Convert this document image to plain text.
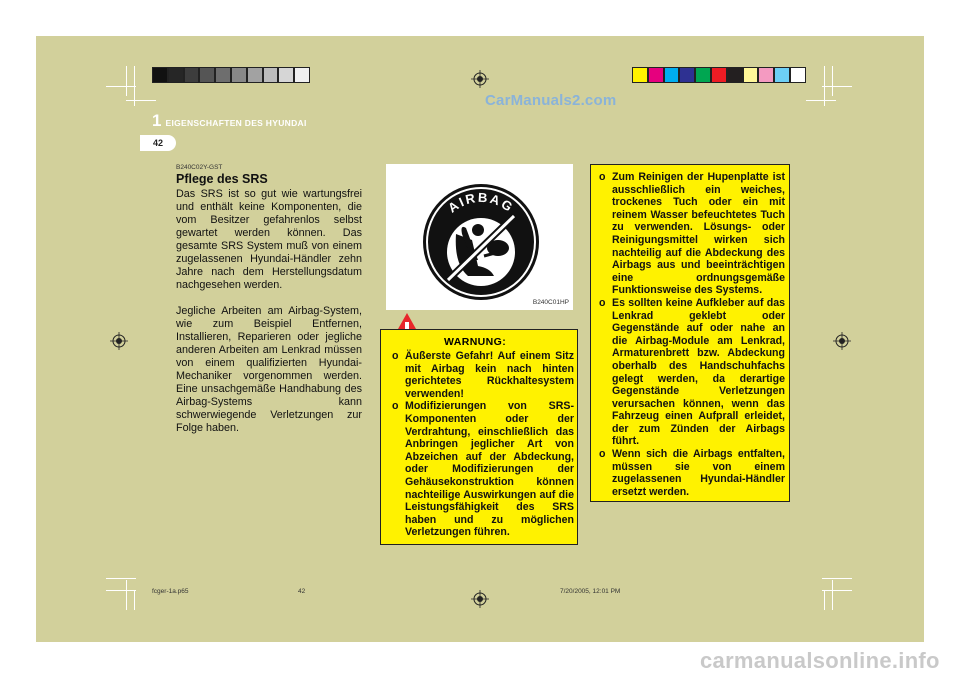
CarManuals2.com
1 EIGENSCHAFTEN DES HYUNDAI
42
B240C02Y-GST
Pflege des SRS

Das SRS ist so gut wie wartungsfrei und enthält keine Komponenten, die vom Besitzer gefahrenlos selbst gewartet werden können. Das gesamte SRS System muß von einem zugelassenen Hyundai-Händler zehn Jahre nach dem Herstellungsdatum nachgesehen werden.

Jegliche Arbeiten am Airbag-System, wie zum Beispiel Entfernen, Installieren, Reparieren oder jegliche anderen Arbeiten am Lenkrad müssen von einem qualifizierten Hyundai-Mechaniker vorgenommen werden. Eine unsachgemäße Handhabung des Airbag-Systems kann schwerwiegende Verletzungen zur Folge haben.

AIRBAG
B240C01HP
WARNUNG:
o Äußerste Gefahr! Auf einem Sitz mit Airbag kein nach hinten gerichtetes Rückhaltesystem verwenden!
o Modifizierungen von SRS-Komponenten oder der Verdrahtung, einschließlich das Anbringen jeglicher Art von Abzeichen auf der Abdeckung, oder Modifizierungen der Gehäusekonstruktion können nachteilige Auswirkungen auf die Leistungsfähigkeit des SRS haben und zu möglichen Verletzungen führen.
o Zum Reinigen der Hupenplatte ist ausschließlich ein weiches, trockenes Tuch oder ein mit reinem Wasser befeuchtetes Tuch zu verwenden. Lösungs- oder Reinigungsmittel wirken sich nachteilig auf die Abdeckung des Airbags aus und beeinträchtigen eine ordnungsgemäße Funktionsweise des Systems.
o Es sollten keine Aufkleber auf das Lenkrad geklebt oder Gegenstände auf oder nahe an die Airbag-Module am Lenkrad, Armaturenbrett bzw. Abdeckung oberhalb des Handschuhfachs gelegt werden, da derartige Gegenstände Verletzungen verursachen können, wenn das Fahrzeug einen Aufprall erleidet, der zum Zünden der Airbags führt.
o Wenn sich die Airbags entfalten, müssen sie von einem zugelassenen Hyundai-Händler ersetzt werden.
fcger-1a.p65	42	7/20/2005, 12:01 PM
carmanualsonline.info
